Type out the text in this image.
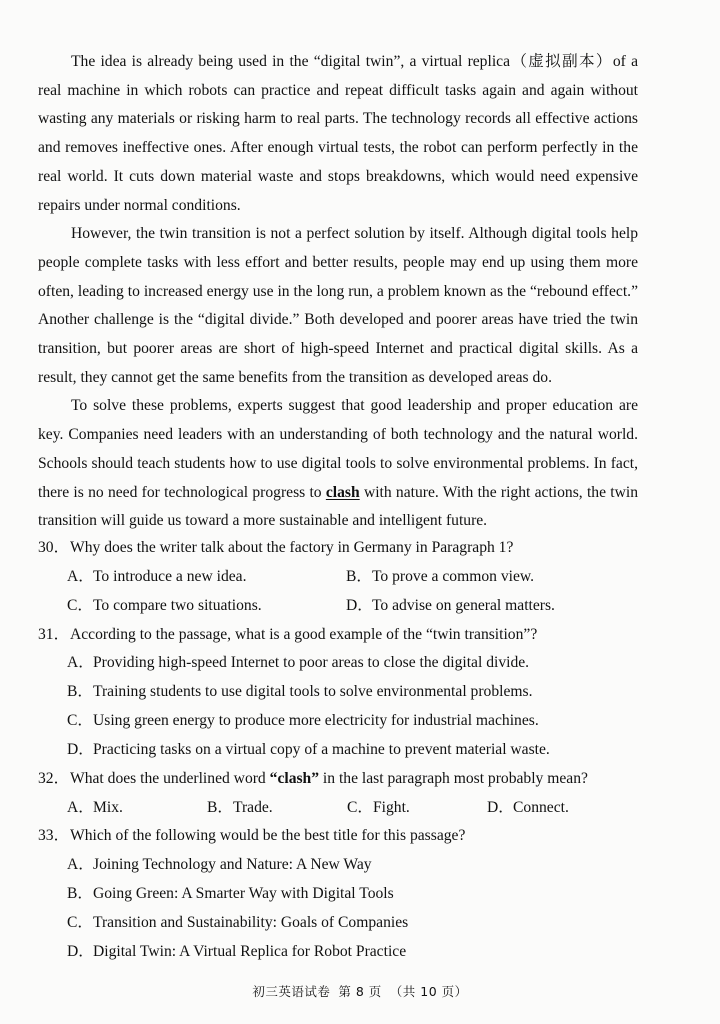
The idea is already being used in the “digital twin”, a virtual replica（虚拟副本）of a real machine in which robots can practice and repeat difficult tasks again and again without wasting any materials or risking harm to real parts. The technology records all effective actions and removes ineffective ones. After enough virtual tests, the robot can perform perfectly in the real world. It cuts down material waste and stops breakdowns, which would need expensive repairs under normal conditions.

However, the twin transition is not a perfect solution by itself. Although digital tools help people complete tasks with less effort and better results, people may end up using them more often, leading to increased energy use in the long run, a problem known as the “rebound effect.” Another challenge is the “digital divide.” Both developed and poorer areas have tried the twin transition, but poorer areas are short of high-speed Internet and practical digital skills. As a result, they cannot get the same benefits from the transition as developed areas do.

To solve these problems, experts suggest that good leadership and proper education are key. Companies need leaders with an understanding of both technology and the natural world. Schools should teach students how to use digital tools to solve environmental problems. In fact, there is no need for technological progress to clash with nature. With the right actions, the twin transition will guide us toward a more sustainable and intelligent future.

30．Why does the writer talk about the factory in Germany in Paragraph 1?

A．To introduce a new idea.	B．To prove a common view.
C．To compare two situations.	D．To advise on general matters.

31．According to the passage, what is a good example of the “twin transition”?

A．Providing high-speed Internet to poor areas to close the digital divide.
B．Training students to use digital tools to solve environmental problems.
C．Using green energy to produce more electricity for industrial machines.
D．Practicing tasks on a virtual copy of a machine to prevent material waste.

32．What does the underlined word “clash” in the last paragraph most probably mean?

A．Mix.	B．Trade.	C．Fight.	D．Connect.

33．Which of the following would be the best title for this passage?

A．Joining Technology and Nature: A New Way
B．Going Green: A Smarter Way with Digital Tools
C．Transition and Sustainability: Goals of Companies
D．Digital Twin: A Virtual Replica for Robot Practice
初三英语试卷 第 8 页 （共 10 页）
